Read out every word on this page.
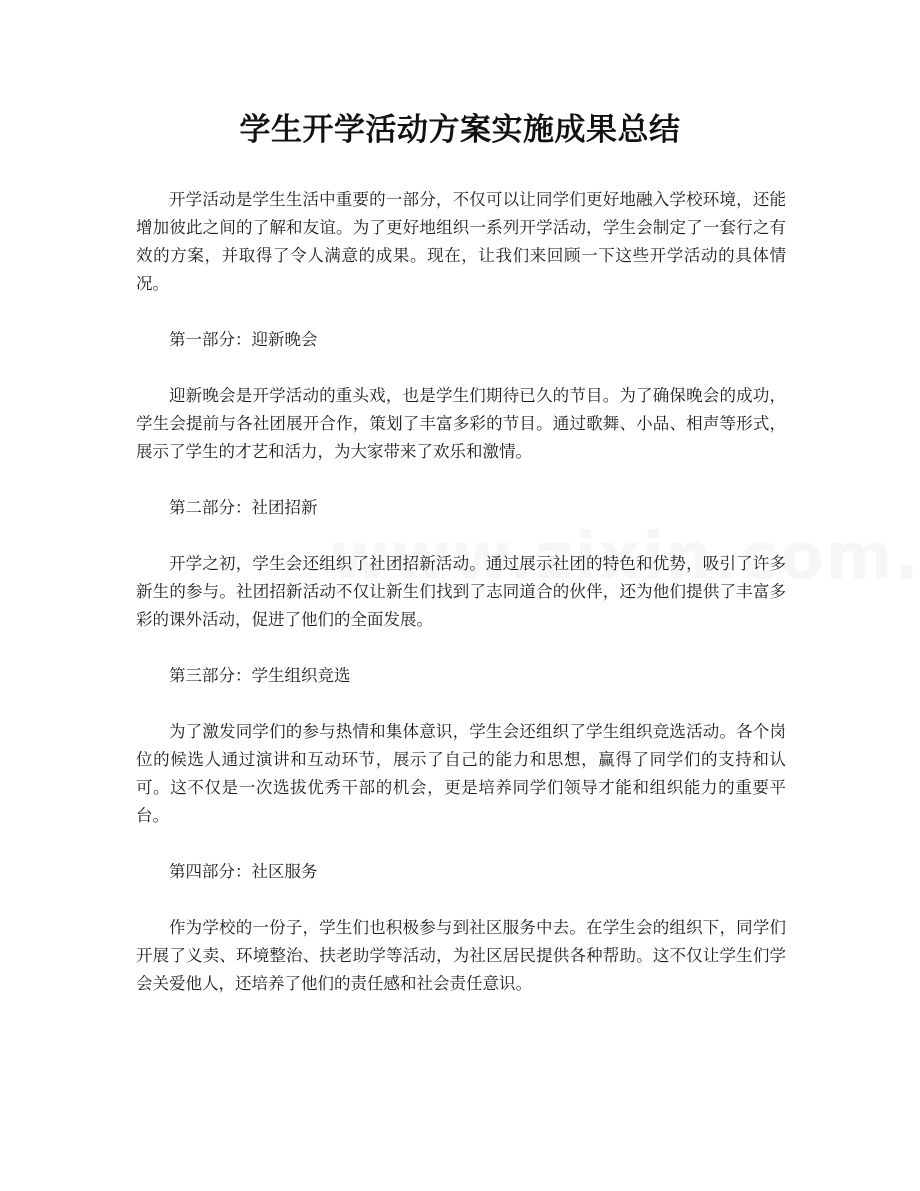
学生开学活动方案实施成果总结

开学活动是学生生活中重要的一部分，不仅可以让同学们更好地融入学校环境，还能增加彼此之间的了解和友谊。为了更好地组织一系列开学活动，学生会制定了一套行之有效的方案，并取得了令人满意的成果。现在，让我们来回顾一下这些开学活动的具体情况。

第一部分：迎新晚会

迎新晚会是开学活动的重头戏，也是学生们期待已久的节目。为了确保晚会的成功，学生会提前与各社团展开合作，策划了丰富多彩的节目。通过歌舞、小品、相声等形式，展示了学生的才艺和活力，为大家带来了欢乐和激情。

第二部分：社团招新

开学之初，学生会还组织了社团招新活动。通过展示社团的特色和优势，吸引了许多新生的参与。社团招新活动不仅让新生们找到了志同道合的伙伴，还为他们提供了丰富多彩的课外活动，促进了他们的全面发展。

第三部分：学生组织竞选

为了激发同学们的参与热情和集体意识，学生会还组织了学生组织竞选活动。各个岗位的候选人通过演讲和互动环节，展示了自己的能力和思想，赢得了同学们的支持和认可。这不仅是一次选拔优秀干部的机会，更是培养同学们领导才能和组织能力的重要平台。

第四部分：社区服务

作为学校的一份子，学生们也积极参与到社区服务中去。在学生会的组织下，同学们开展了义卖、环境整治、扶老助学等活动，为社区居民提供各种帮助。这不仅让学生们学会关爱他人，还培养了他们的责任感和社会责任意识。
